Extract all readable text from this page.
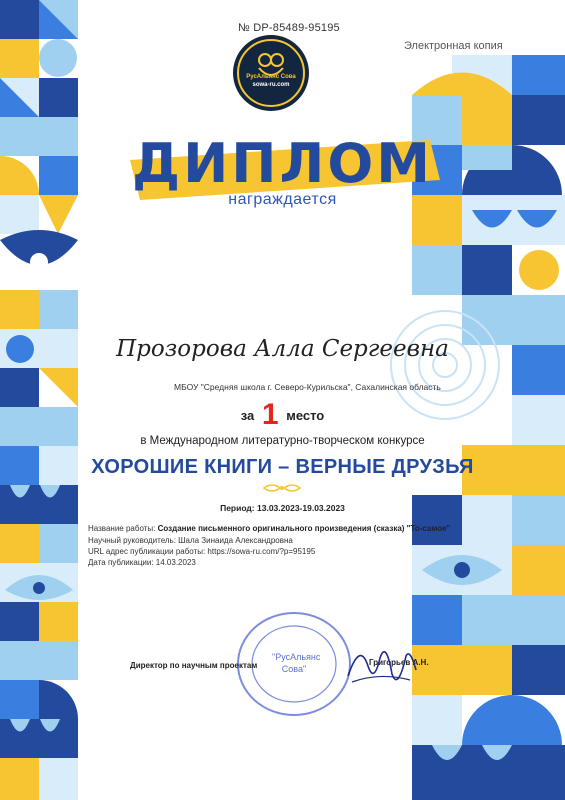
№ DP-85489-95195
Электронная копия
РусАльянс Сова
sowa-ru.com
ДИПЛОМ
награждается
Прозорова Алла Сергеевна
МБОУ "Средняя школа г. Северо-Курильска", Сахалинская область
за 1 место
в Международном литературно-творческом конкурсе
ХОРОШИЕ КНИГИ – ВЕРНЫЕ ДРУЗЬЯ
Период: 13.03.2023-19.03.2023
Название работы: Создание письменного оригинального произведения (сказка) "То-самое"
Научный руководитель: Шала Зинаида Александровна
URL адрес публикации работы: https://sowa-ru.com/?p=95195
Дата публикации: 14.03.2023
"РусАльянс
Сова"
Директор по научным проектам	Григорьев А.Н.
